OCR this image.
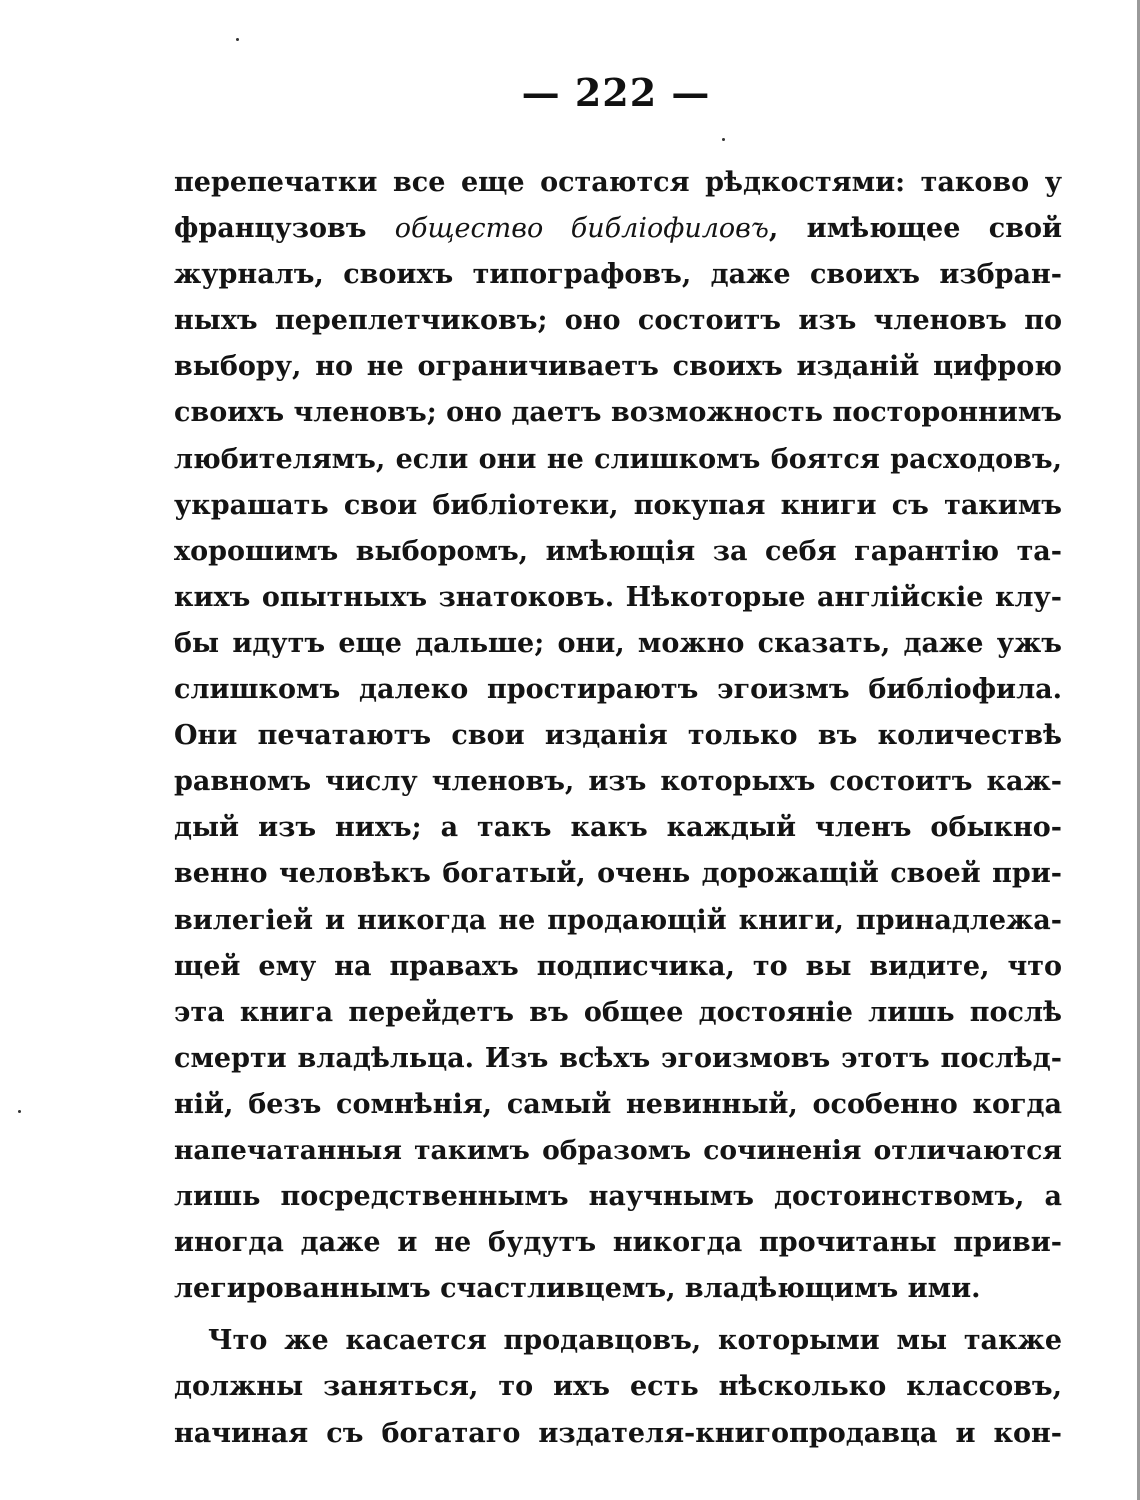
— 222 —
перепечатки все еще остаются рѣдкостями: таково у
французовъ общество библiофиловъ, имѣющее свой
журналъ, своихъ типографовъ, даже своихъ избран-
ныхъ переплетчиковъ; оно состоитъ изъ членовъ по
выбору, но не ограничиваетъ своихъ изданiй цифрою
своихъ членовъ; оно даетъ возможность постороннимъ
любителямъ, если они не слишкомъ боятся расходовъ,
украшать свои библiотеки, покупая книги съ такимъ
хорошимъ выборомъ, имѣющiя за себя гарантiю та-
кихъ опытныхъ знатоковъ. Нѣкоторые англiйскiе клу-
бы идутъ еще дальше; они, можно сказать, даже ужъ
слишкомъ далеко простираютъ эгоизмъ библiофила.
Они печатаютъ свои изданiя только въ количествѣ
равномъ числу членовъ, изъ которыхъ состоитъ каж-
дый изъ нихъ; а такъ какъ каждый членъ обыкно-
венно человѣкъ богатый, очень дорожащiй своей при-
вилегiей и никогда не продающiй книги, принадлежа-
щей ему на правахъ подписчика, то вы видите, что
эта книга перейдетъ въ общее достоянiе лишь послѣ
смерти владѣльца. Изъ всѣхъ эгоизмовъ этотъ послѣд-
нiй, безъ сомнѣнiя, самый невинный, особенно когда
напечатанныя такимъ образомъ сочиненiя отличаются
лишь посредственнымъ научнымъ достоинствомъ, а
иногда даже и не будутъ никогда прочитаны приви-
легированнымъ счастливцемъ, владѣющимъ ими.
Что же касается продавцовъ, которыми мы также
должны заняться, то ихъ есть нѣсколько классовъ,
начиная съ богатаго издателя-книгопродавца и кон-
